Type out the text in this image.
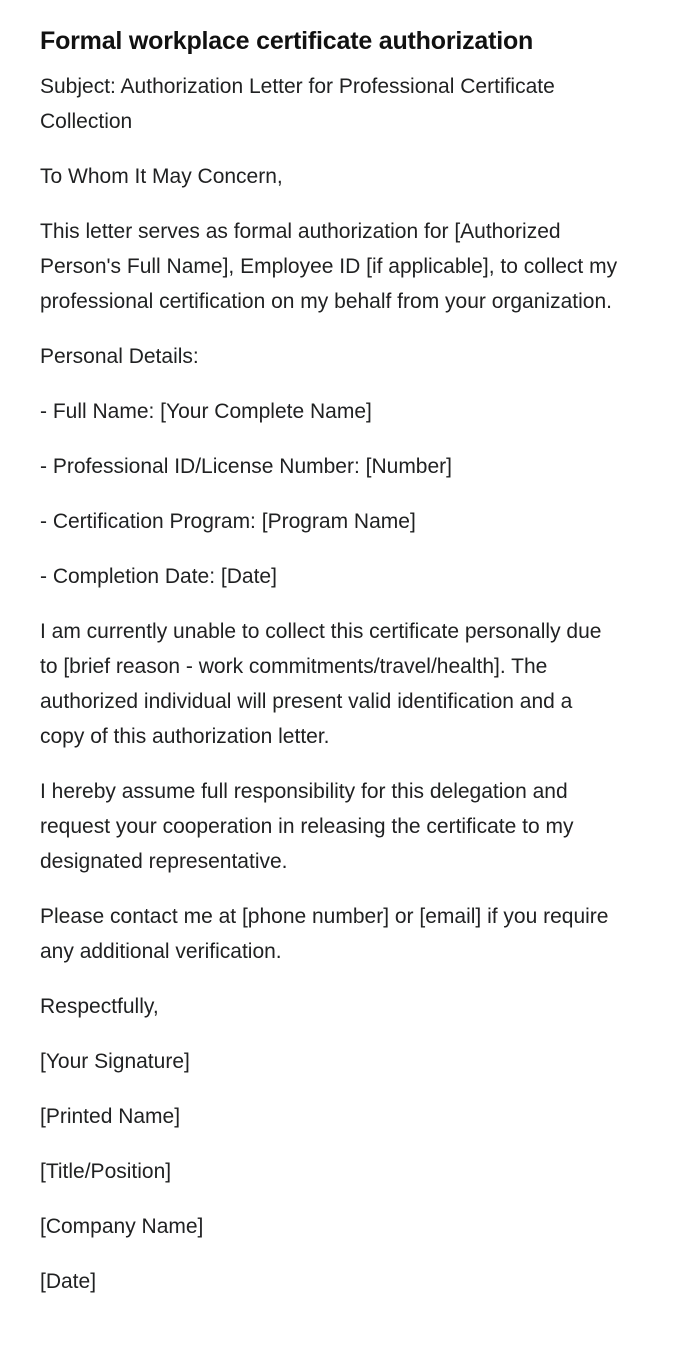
Formal workplace certificate authorization

Subject: Authorization Letter for Professional Certificate Collection

To Whom It May Concern,

This letter serves as formal authorization for [Authorized Person's Full Name], Employee ID [if applicable], to collect my professional certification on my behalf from your organization.

Personal Details:

- Full Name: [Your Complete Name]

- Professional ID/License Number: [Number]

- Certification Program: [Program Name]

- Completion Date: [Date]

I am currently unable to collect this certificate personally due to [brief reason - work commitments/travel/health]. The authorized individual will present valid identification and a copy of this authorization letter.

I hereby assume full responsibility for this delegation and request your cooperation in releasing the certificate to my designated representative.

Please contact me at [phone number] or [email] if you require any additional verification.

Respectfully,

[Your Signature]

[Printed Name]

[Title/Position]

[Company Name]

[Date]
